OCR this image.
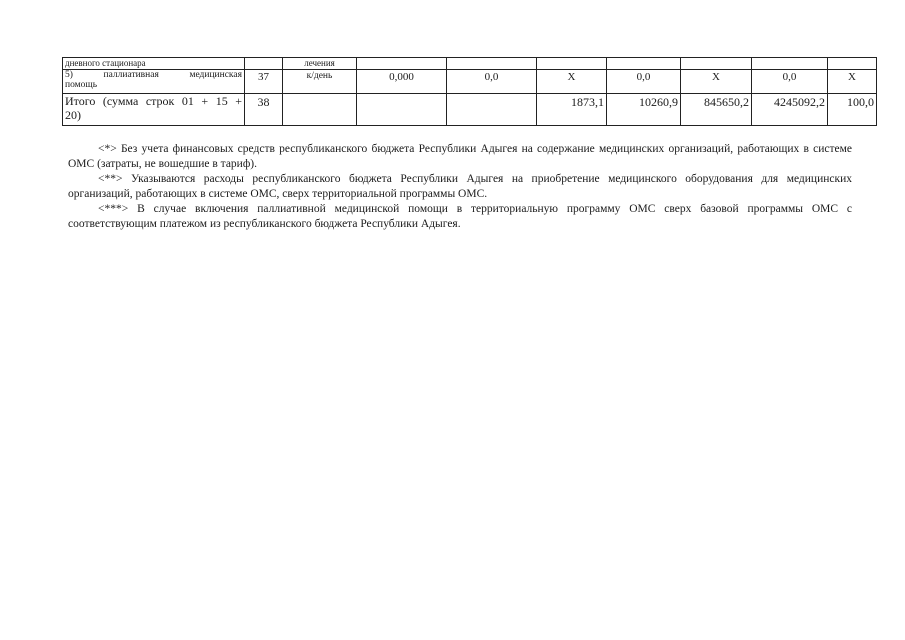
дневного стационара		лечения							

5) паллиативная медицинская
помощь	37	к/день	0,000	0,0	Х	0,0	Х	0,0	Х

Итого (сумма строк 01 + 15 +
20)	38				1873,1	10260,9	845650,2	4245092,2	100,0

<*> Без учета финансовых средств республиканского бюджета Республики Адыгея на содержание медицинских организаций, работающих в системе ОМС (затраты, не вошедшие в тариф).

<**> Указываются расходы республиканского бюджета Республики Адыгея на приобретение медицинского оборудования для медицинских организаций, работающих в системе ОМС, сверх территориальной программы ОМС.

<***> В случае включения паллиативной медицинской помощи в территориальную программу ОМС сверх базовой программы ОМС с соответствующим платежом из республиканского бюджета Республики Адыгея.
